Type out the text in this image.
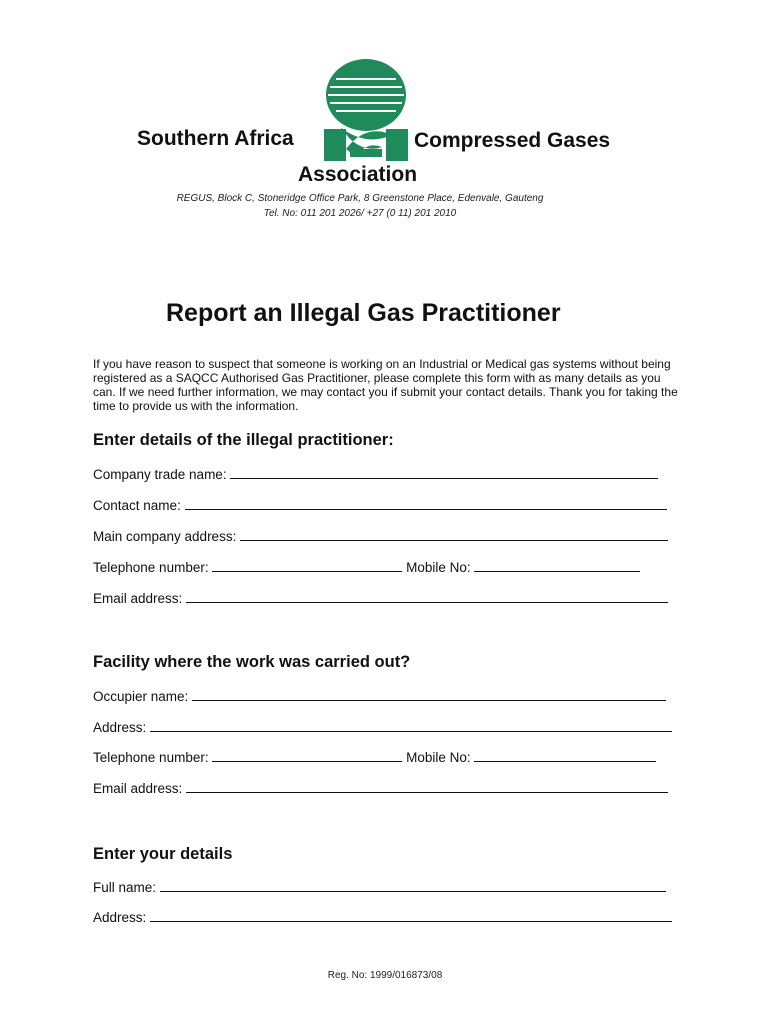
Southern Africa	Compressed Gases
Association
REGUS, Block C, Stoneridge Office Park, 8 Greenstone Place, Edenvale, Gauteng
Tel. No: 011 201 2026/ +27 (0 11) 201 2010
Report an Illegal Gas Practitioner

If you have reason to suspect that someone is working on an Industrial or Medical gas systems without being registered as a SAQCC Authorised Gas Practitioner, please complete this form with as many details as you can. If we need further information, we may contact you if submit your contact details. Thank you for taking the time to provide us with the information.

Enter details of the illegal practitioner:
Company trade name:
Contact name:
Main company address:
Telephone number:	Mobile No:
Email address:
Facility where the work was carried out?
Occupier name:
Address:
Telephone number:	Mobile No:
Email address:
Enter your details
Full name:
Address:
Reg. No: 1999/016873/08
